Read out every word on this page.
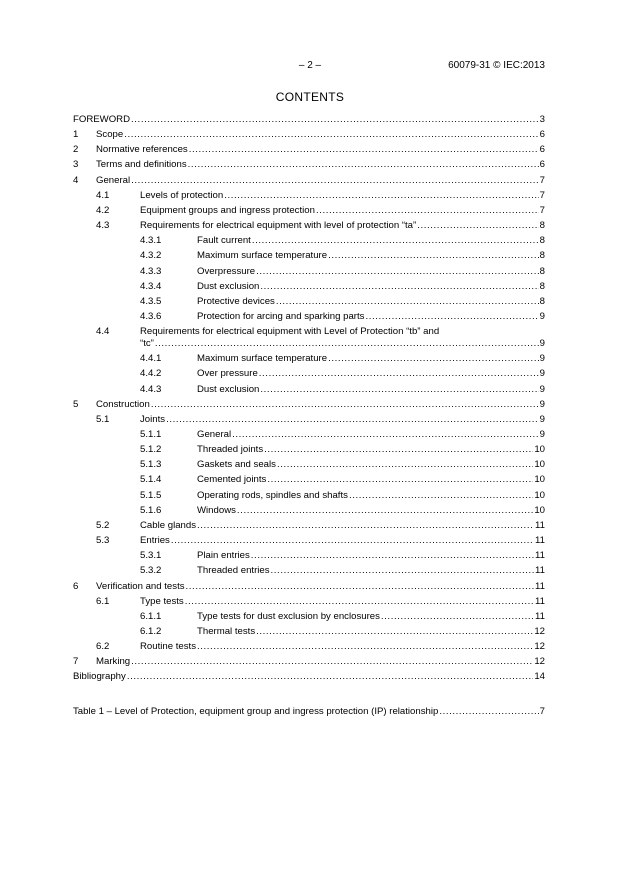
– 2 –	60079-31 © IEC:2013
CONTENTS
FOREWORD .....	3
1 Scope .....	6
2 Normative references .....	6
3 Terms and definitions .....	6
4 General .....	7
4.1	Levels of protection .....	7
4.2	Equipment groups and ingress protection .....	7
4.3	Requirements for electrical equipment with level of protection “ta” .....	8
4.3.1	Fault current .....	8
4.3.2	Maximum surface temperature .....	8
4.3.3	Overpressure .....	8
4.3.4	Dust exclusion .....	8
4.3.5	Protective devices .....	8
4.3.6	Protection for arcing and sparking parts .....	9
4.4	Requirements for electrical equipment with Level of Protection “tb” and
“tc” .....	9
4.4.1	Maximum surface temperature .....	9
4.4.2	Over pressure .....	9
4.4.3	Dust exclusion .....	9
5 Construction .....	9
5.1	Joints .....	9
5.1.1	General .....	9
5.1.2	Threaded joints .....	10
5.1.3	Gaskets and seals .....	10
5.1.4	Cemented joints .....	10
5.1.5	Operating rods, spindles and shafts .....	10
5.1.6	Windows .....	10
5.2	Cable glands .....	11
5.3	Entries .....	11
5.3.1	Plain entries .....	11
5.3.2	Threaded entries .....	11
6 Verification and tests .....	11
6.1	Type tests .....	11
6.1.1	Type tests for dust exclusion by enclosures .....	11
6.1.2	Thermal tests .....	12
6.2	Routine tests .....	12
7 Marking .....	12
Bibliography .....	14
Table 1 – Level of Protection, equipment group and ingress protection (IP) relationship .....	7
